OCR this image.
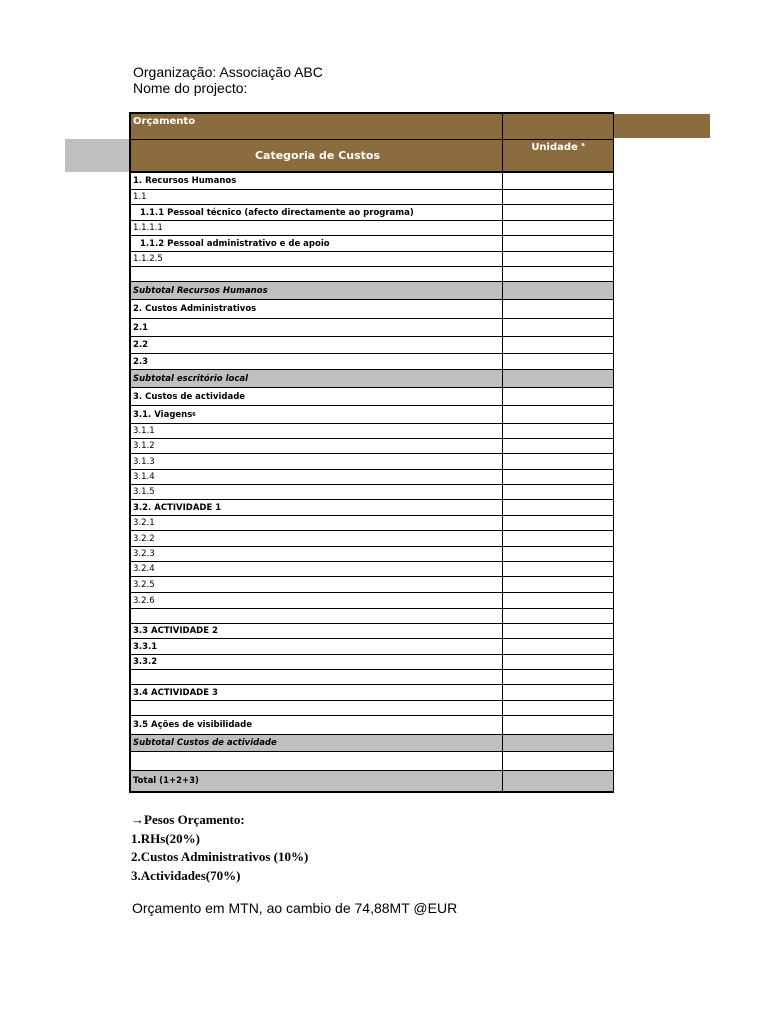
Organização: Associação ABC
Nome do projecto:
Orçamento
Categoria de Custos
Unidade
$^a$
1. Recursos Humanos
1.1
1.1.1 Pessoal técnico (afecto directamente ao programa)
1.1.1.1
1.1.2 Pessoal administrativo e de apoio
1.1.2.5
Subtotal Recursos Humanos
2. Custos Administrativos
2.1
2.2
2.3
Subtotal escritório local
3. Custos de actividade
3.1. Viagens 6
3.1.1
3.1.2
3.1.3
3.1.4
3.1.5
3.2. ACTIVIDADE 1
3.2.1
3.2.2
3.2.3
3.2.4
3.2.5
3.2.6
3.3 ACTIVIDADE 2
3.3.1
3.3.2
3.4 ACTIVIDADE 3
3.5 Ações de visibilidade
Subtotal Custos de actividade
Total (1+2+3)
→Pesos Orçamento:
1.RHs(20%)
2.Custos Administrativos (10%)
3.Actividades(70%)
Orçamento em MTN, ao cambio de 74,88MT @EUR
